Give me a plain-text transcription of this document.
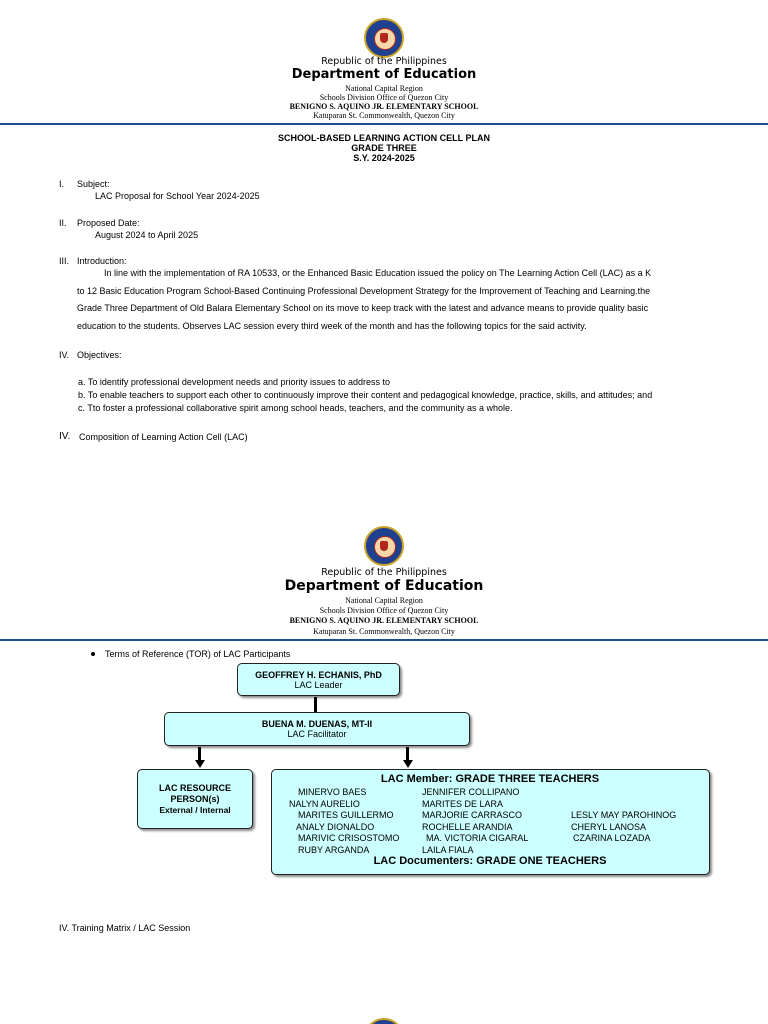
Republic of the Philippines
Department of Education
National Capital Region
Schools Division Office of Quezon City
BENIGNO S. AQUINO JR. ELEMENTARY SCHOOL
Katuparan St. Commonwealth, Quezon City
SCHOOL-BASED LEARNING ACTION CELL PLAN
GRADE THREE
S.Y. 2024-2025
I. Subject:
LAC Proposal for School Year 2024-2025
II. Proposed Date:
August 2024 to April 2025
III. Introduction:
In line with the implementation of RA 10533, or the Enhanced Basic Education issued the policy on The Learning Action Cell (LAC) as a K
to 12 Basic Education Program School-Based Continuing Professional Development Strategy for the Improvement of Teaching and Learning.the
Grade Three Department of Old Balara Elementary School on its move to keep track with the latest and advance means to provide quality basic
education to the students. Observes LAC session every third week of the month and has the following topics for the said activity.
IV. Objectives:
a. To identify professional development needs and priority issues to address to
b. To enable teachers to support each other to continuously improve their content and pedagogical knowledge, practice, skills, and attitudes; and
c. Tto foster a professional collaborative spirit among school heads, teachers, and the community as a whole.
IV. Composition of Learning Action Cell (LAC)
Republic of the Philippines
Department of Education
National Capital Region
Schools Division Office of Quezon City
BENIGNO S. AQUINO JR. ELEMENTARY SCHOOL
Katuparan St. Commonwealth, Quezon City
Terms of Reference (TOR) of LAC Participants
GEOFFREY H. ECHANIS, PhD
LAC Leader
BUENA M. DUENAS, MT-II
LAC Facilitator
LAC RESOURCE
PERSON(s)
External / Internal
LAC Member: GRADE THREE TEACHERS
MINERVO BAES
NALYN AURELIO
MARITES GUILLERMO
ANALY DIONALDO
MARIVIC CRISOSTOMO
RUBY ARGANDA
JENNIFER COLLIPANO
MARITES DE LARA
MARJORIE CARRASCO
ROCHELLE ARANDIA
MA. VICTORIA CIGARAL
LAILA FIALA
LESLY MAY PAROHINOG
CHERYL LANOSA
CZARINA LOZADA
LAC Documenters: GRADE ONE TEACHERS
IV. Training Matrix / LAC Session
